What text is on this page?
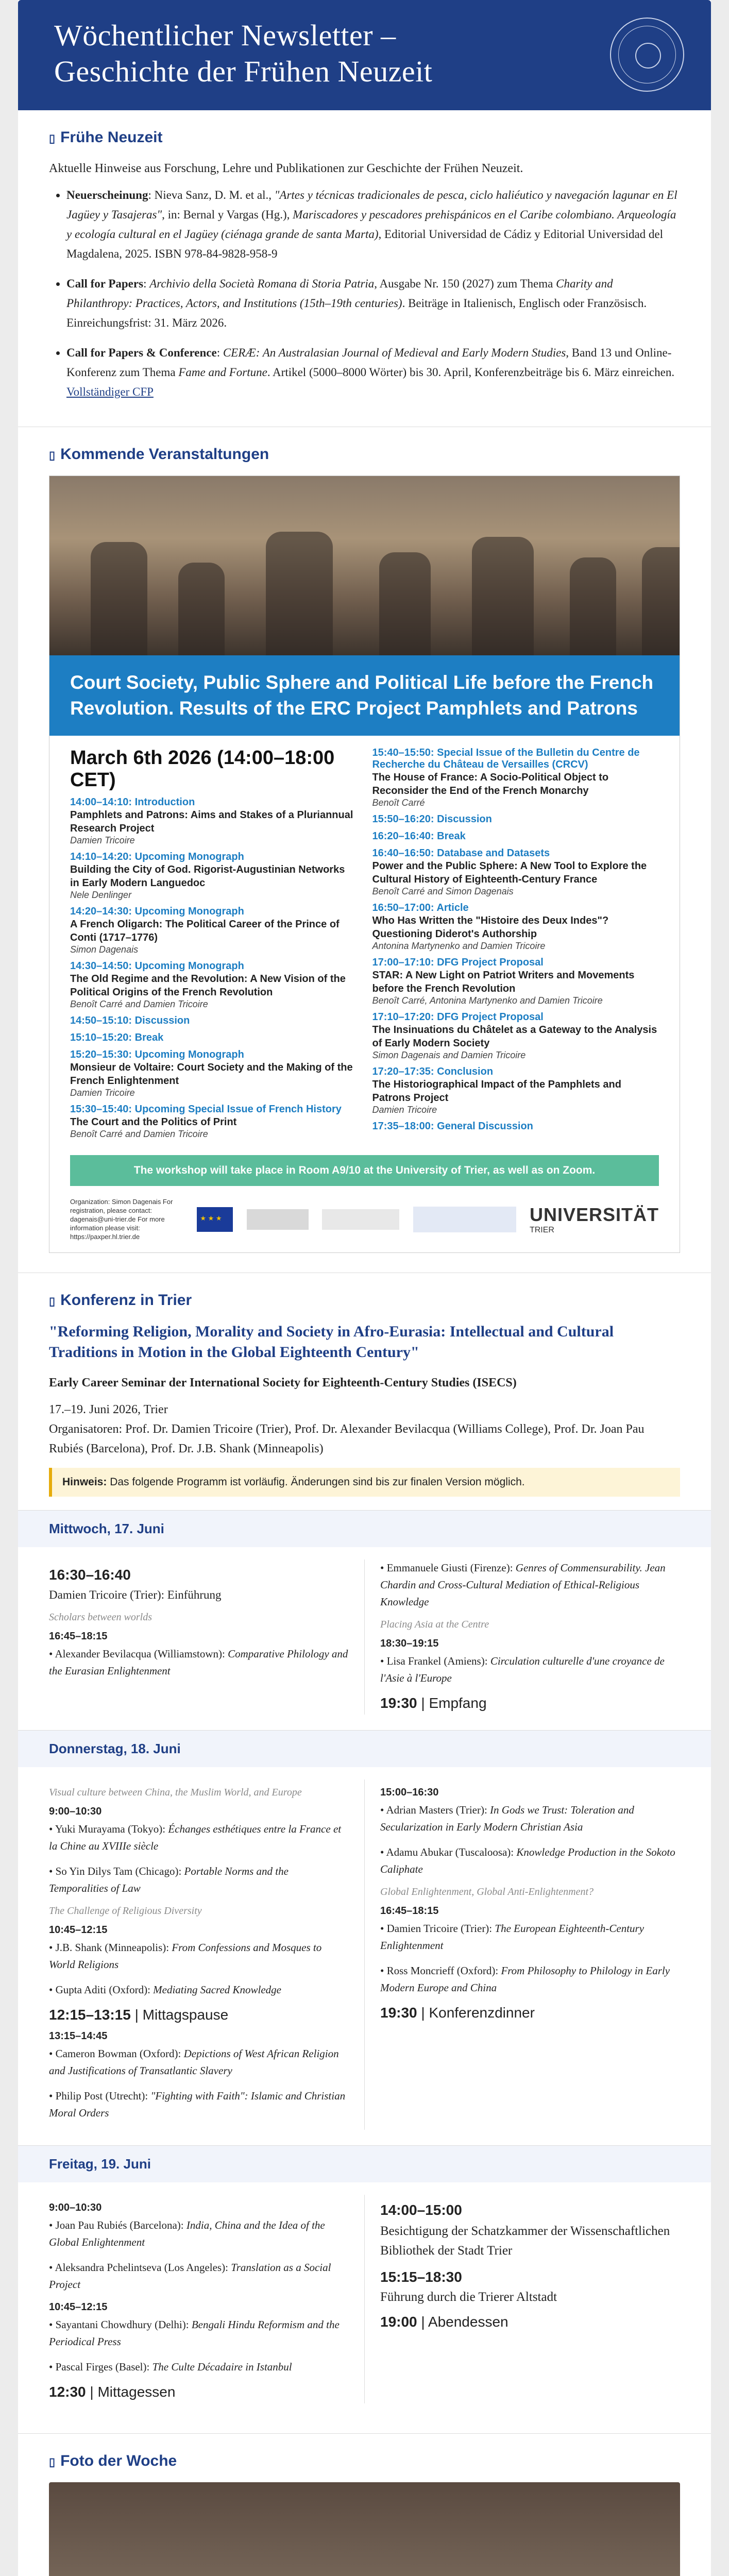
Wöchentlicher Newsletter –
Geschichte der Frühen Neuzeit
▯ Frühe Neuzeit

Aktuelle Hinweise aus Forschung, Lehre und Publikationen zur Geschichte der Frühen Neuzeit.

• Neuerscheinung: Nieva Sanz, D. M. et al., "Artes y técnicas tradicionales de pesca, ciclo haliéutico y navegación lagunar en El Jagüey y Tasajeras", in: Bernal y Vargas (Hg.), Mariscadores y pescadores prehispánicos en el Caribe colombiano. Arqueología y ecología cultural en el Jagüey (ciénaga grande de santa Marta), Editorial Universidad de Cádiz y Editorial Universidad del Magdalena, 2025. ISBN 978-84-9828-958-9
• Call for Papers: Archivio della Società Romana di Storia Patria, Ausgabe Nr. 150 (2027) zum Thema Charity and Philanthropy: Practices, Actors, and Institutions (15th–19th centuries). Beiträge in Italienisch, Englisch oder Französisch. Einreichungsfrist: 31. März 2026.
• Call for Papers & Conference: CERÆ: An Australasian Journal of Medieval and Early Modern Studies, Band 13 und Online-Konferenz zum Thema Fame and Fortune. Artikel (5000–8000 Wörter) bis 30. April, Konferenzbeiträge bis 6. März einreichen. Vollständiger CFP
▯ Kommende Veranstaltungen
Court Society, Public Sphere and Political Life before the French Revolution. Results of the ERC Project Pamphlets and Patrons
March 6th 2026 (14:00–18:00 CET)
14:00–14:10: Introduction
Pamphlets and Patrons: Aims and Stakes of a Pluriannual Research Project
Damien Tricoire
14:10–14:20: Upcoming Monograph
Building the City of God. Rigorist-Augustinian Networks in Early Modern Languedoc
Nele Denlinger
14:20–14:30: Upcoming Monograph
A French Oligarch: The Political Career of the Prince of Conti (1717–1776)
Simon Dagenais
14:30–14:50: Upcoming Monograph
The Old Regime and the Revolution: A New Vision of the Political Origins of the French Revolution
Benoît Carré and Damien Tricoire
14:50–15:10: Discussion
15:10–15:20: Break
15:20–15:30: Upcoming Monograph
Monsieur de Voltaire: Court Society and the Making of the French Enlightenment
Damien Tricoire
15:30–15:40: Upcoming Special Issue of French History
The Court and the Politics of Print
Benoît Carré and Damien Tricoire
15:40–15:50: Special Issue of the Bulletin du Centre de Recherche du Château de Versailles (CRCV)
The House of France: A Socio-Political Object to Reconsider the End of the French Monarchy
Benoît Carré
15:50–16:20: Discussion
16:20–16:40: Break
16:40–16:50: Database and Datasets
Power and the Public Sphere: A New Tool to Explore the Cultural History of Eighteenth-Century France
Benoît Carré and Simon Dagenais
16:50–17:00: Article
Who Has Written the "Histoire des Deux Indes"? Questioning Diderot's Authorship
Antonina Martynenko and Damien Tricoire
17:00–17:10: DFG Project Proposal
STAR: A New Light on Patriot Writers and Movements before the French Revolution
Benoît Carré, Antonina Martynenko and Damien Tricoire
17:10–17:20: DFG Project Proposal
The Insinuations du Châtelet as a Gateway to the Analysis of Early Modern Society
Simon Dagenais and Damien Tricoire
17:20–17:35: Conclusion
The Historiographical Impact of the Pamphlets and Patrons Project
Damien Tricoire
17:35–18:00: General Discussion
The workshop will take place in Room A9/10 at the University of Trier, as well as on Zoom.
Organization: Simon Dagenais For registration, please contact: dagenais@uni-trier.de For more information please visit: https://paxper.hl.trier.de
★ ★ ★
UNIVERSITÄT
TRIER
▯ Konferenz in Trier
"Reforming Religion, Morality and Society in Afro-Eurasia: Intellectual and Cultural Traditions in Motion in the Global Eighteenth Century"

Early Career Seminar der International Society for Eighteenth-Century Studies (ISECS)

17.–19. Juni 2026, Trier

Organisatoren: Prof. Dr. Damien Tricoire (Trier), Prof. Dr. Alexander Bevilacqua (Williams College), Prof. Dr. Joan Pau Rubiés (Barcelona), Prof. Dr. J.B. Shank (Minneapolis)

Hinweis: Das folgende Programm ist vorläufig. Änderungen sind bis zur finalen Version möglich.
Mittwoch, 17. Juni
16:30–16:40
Damien Tricoire (Trier): Einführung
Scholars between worlds
16:45–18:15
• Alexander Bevilacqua (Williamstown): Comparative Philology and the Eurasian Enlightenment
• Emmanuele Giusti (Firenze): Genres of Commensurability. Jean Chardin and Cross-Cultural Mediation of Ethical-Religious Knowledge
Placing Asia at the Centre
18:30–19:15
• Lisa Frankel (Amiens): Circulation culturelle d'une croyance de l'Asie à l'Europe
19:30 | Empfang
Donnerstag, 18. Juni
Visual culture between China, the Muslim World, and Europe
9:00–10:30
• Yuki Murayama (Tokyo): Échanges esthétiques entre la France et la Chine au XVIIIe siècle
• So Yin Dilys Tam (Chicago): Portable Norms and the Temporalities of Law
The Challenge of Religious Diversity
10:45–12:15
• J.B. Shank (Minneapolis): From Confessions and Mosques to World Religions
• Gupta Aditi (Oxford): Mediating Sacred Knowledge
12:15–13:15 | Mittagspause
13:15–14:45
• Cameron Bowman (Oxford): Depictions of West African Religion and Justifications of Transatlantic Slavery
• Philip Post (Utrecht): "Fighting with Faith": Islamic and Christian Moral Orders
15:00–16:30
• Adrian Masters (Trier): In Gods we Trust: Toleration and Secularization in Early Modern Christian Asia
• Adamu Abukar (Tuscaloosa): Knowledge Production in the Sokoto Caliphate
Global Enlightenment, Global Anti-Enlightenment?
16:45–18:15
• Damien Tricoire (Trier): The European Eighteenth-Century Enlightenment
• Ross Moncrieff (Oxford): From Philosophy to Philology in Early Modern Europe and China
19:30 | Konferenzdinner
Freitag, 19. Juni
9:00–10:30
• Joan Pau Rubiés (Barcelona): India, China and the Idea of the Global Enlightenment
• Aleksandra Pchelintseva (Los Angeles): Translation as a Social Project
10:45–12:15
• Sayantani Chowdhury (Delhi): Bengali Hindu Reformism and the Periodical Press
• Pascal Firges (Basel): The Culte Décadaire in Istanbul
12:30 | Mittagessen
14:00–15:00
Besichtigung der Schatzkammer der Wissenschaftlichen Bibliothek der Stadt Trier
15:15–18:30
Führung durch die Trierer Altstadt
19:00 | Abendessen
▯ Foto der Woche
